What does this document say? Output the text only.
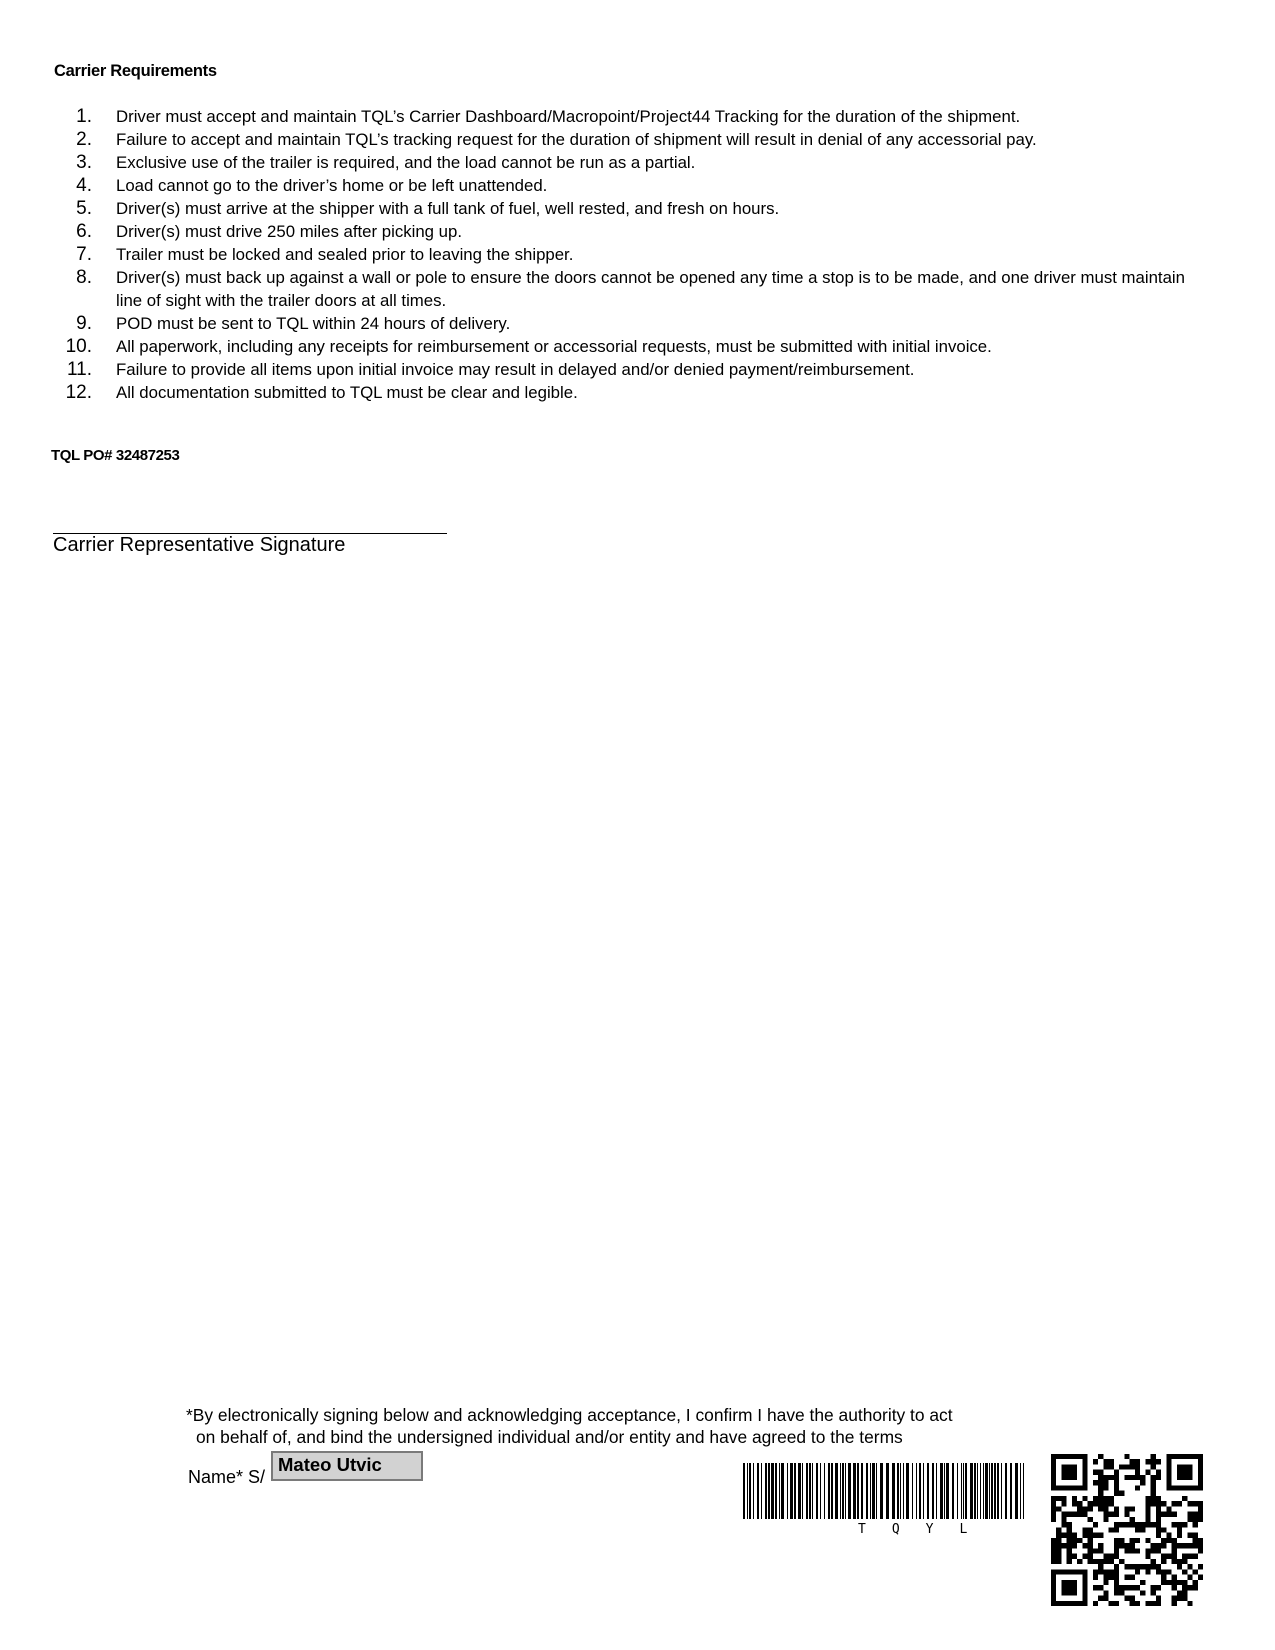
Carrier Requirements
1. Driver must accept and maintain TQL’s Carrier Dashboard/Macropoint/Project44 Tracking for the duration of the shipment.
2. Failure to accept and maintain TQL’s tracking request for the duration of shipment will result in denial of any accessorial pay.
3. Exclusive use of the trailer is required, and the load cannot be run as a partial.
4. Load cannot go to the driver’s home or be left unattended.
5. Driver(s) must arrive at the shipper with a full tank of fuel, well rested, and fresh on hours.
6. Driver(s) must drive 250 miles after picking up.
7. Trailer must be locked and sealed prior to leaving the shipper.
8. Driver(s) must back up against a wall or pole to ensure the doors cannot be opened any time a stop is to be made, and one driver must maintain line of sight with the trailer doors at all times.
9. POD must be sent to TQL within 24 hours of delivery.
10. All paperwork, including any receipts for reimbursement or accessorial requests, must be submitted with initial invoice.
11. Failure to provide all items upon initial invoice may result in delayed and/or denied payment/reimbursement.
12. All documentation submitted to TQL must be clear and legible.
TQL PO# 32487253
Carrier Representative Signature
*By electronically signing below and acknowledging acceptance, I confirm I have the authority to act
on behalf of, and bind the undersigned individual and/or entity and have agreed to the terms
Name* S/
Mateo Utvic
TQYL
